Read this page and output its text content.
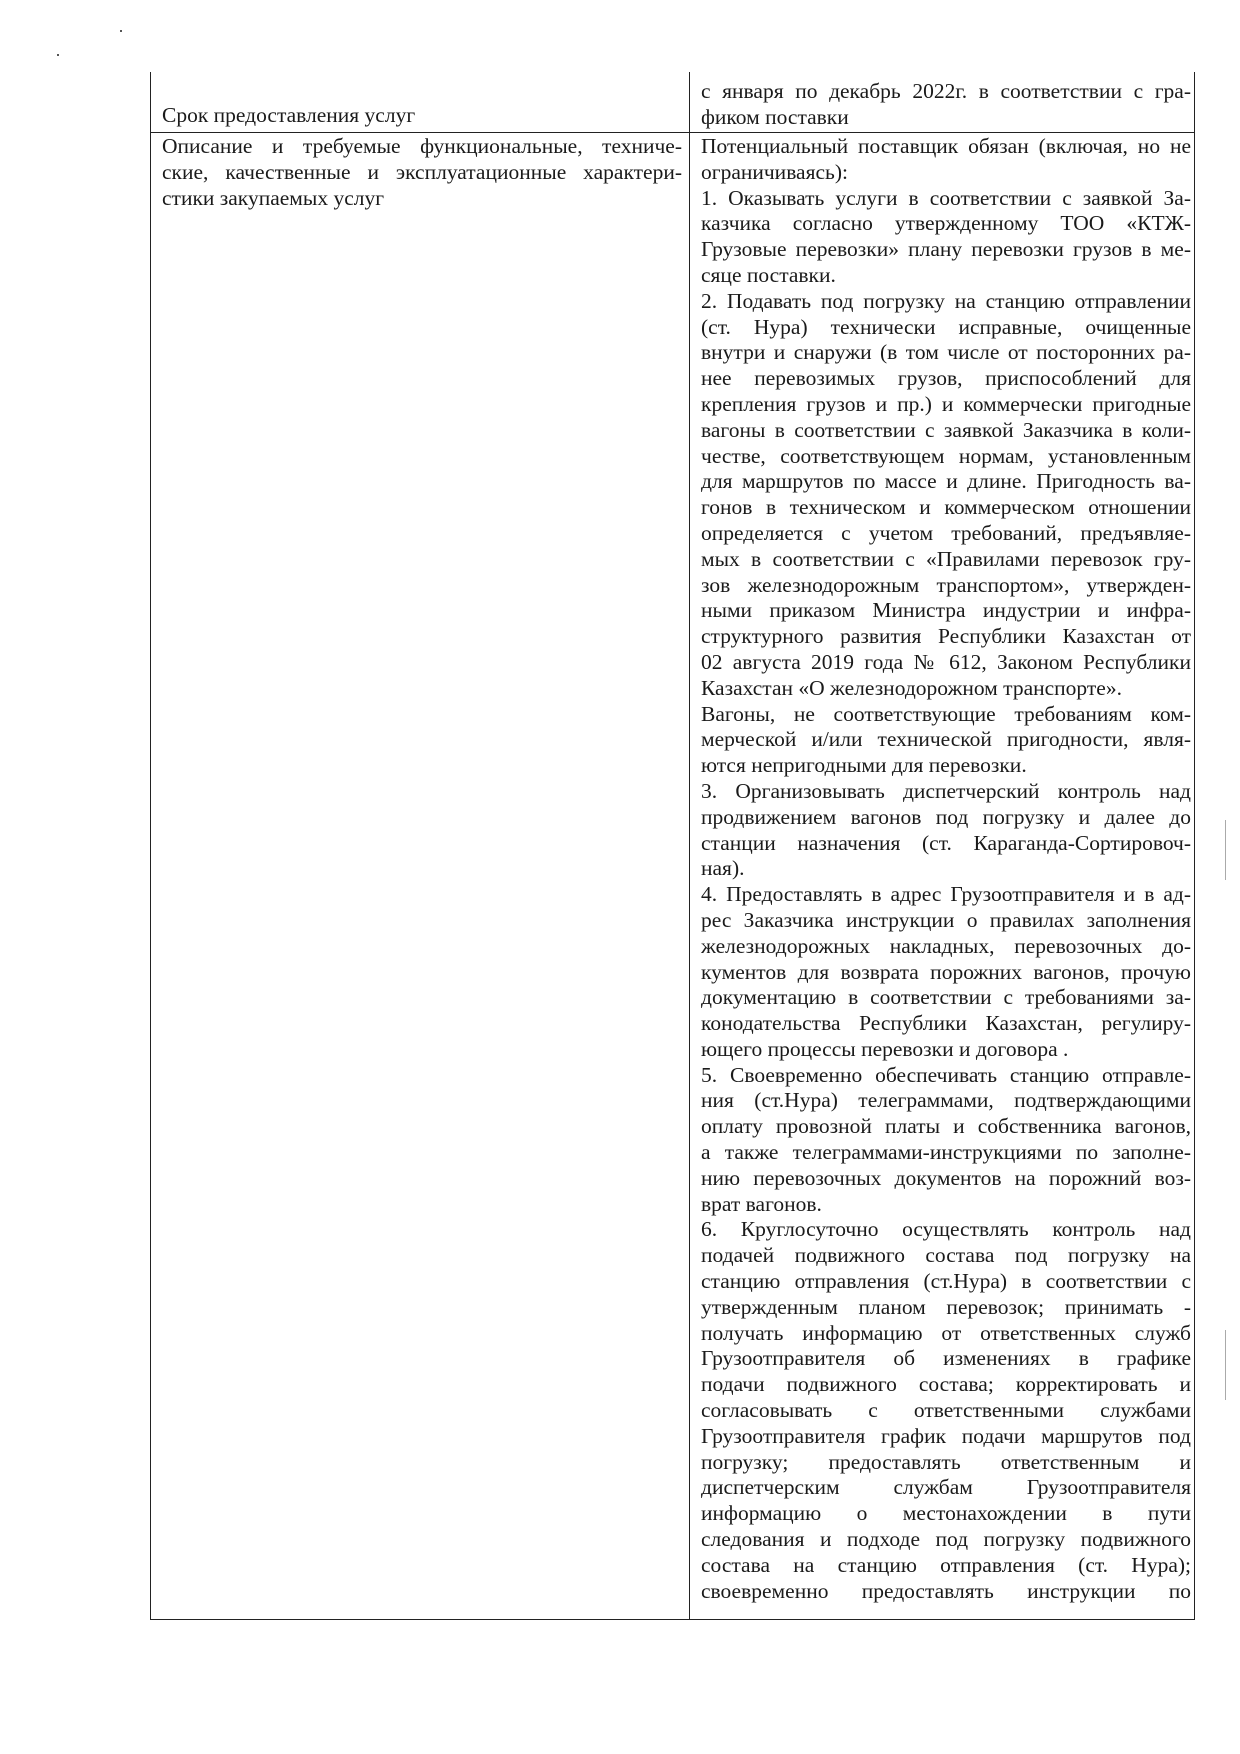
Срок предоставления услуг
с января по декабрь 2022г. в соответствии с гра-
фиком поставки
Описание и требуемые функциональные, техниче-
ские, качественные и эксплуатационные характери-
стики закупаемых услуг
Потенциальный поставщик обязан (включая, но не
ограничиваясь):
1. Оказывать услуги в соответствии с заявкой За-
казчика согласно утвержденному ТОО «КТЖ-
Грузовые перевозки» плану перевозки грузов в ме-
сяце поставки.
2. Подавать под погрузку на станцию отправлении
(ст. Нура) технически исправные, очищенные
внутри и снаружи (в том числе от посторонних ра-
нее перевозимых грузов, приспособлений для
крепления грузов и пр.) и коммерчески пригодные
вагоны в соответствии с заявкой Заказчика в коли-
честве, соответствующем нормам, установленным
для маршрутов по массе и длине. Пригодность ва-
гонов в техническом и коммерческом отношении
определяется с учетом требований, предъявляе-
мых в соответствии с «Правилами перевозок гру-
зов железнодорожным транспортом», утвержден-
ными приказом Министра индустрии и инфра-
структурного развития Республики Казахстан от
02 августа 2019 года № 612, Законом Республики
Казахстан «О железнодорожном транспорте».
Вагоны, не соответствующие требованиям ком-
мерческой и/или технической пригодности, явля-
ются непригодными для перевозки.
3. Организовывать диспетчерский контроль над
продвижением вагонов под погрузку и далее до
станции назначения (ст. Караганда-Сортировоч-
ная).
4. Предоставлять в адрес Грузоотправителя и в ад-
рес Заказчика инструкции о правилах заполнения
железнодорожных накладных, перевозочных до-
кументов для возврата порожних вагонов, прочую
документацию в соответствии с требованиями за-
конодательства Республики Казахстан, регулиру-
ющего процессы перевозки и договора .
5. Своевременно обеспечивать станцию отправле-
ния (ст.Нура) телеграммами, подтверждающими
оплату провозной платы и собственника вагонов,
а также телеграммами-инструкциями по заполне-
нию перевозочных документов на порожний воз-
врат вагонов.
6. Круглосуточно осуществлять контроль над
подачей подвижного состава под погрузку на
станцию отправления (ст.Нура) в соответствии с
утвержденным планом перевозок; принимать -
получать информацию от ответственных служб
Грузоотправителя об изменениях в графике
подачи подвижного состава; корректировать и
согласовывать с ответственными службами
Грузоотправителя график подачи маршрутов под
погрузку; предоставлять ответственным и
диспетчерским службам Грузоотправителя
информацию о местонахождении в пути
следования и подходе под погрузку подвижного
состава на станцию отправления (ст. Нура);
своевременно предоставлять инструкции по
